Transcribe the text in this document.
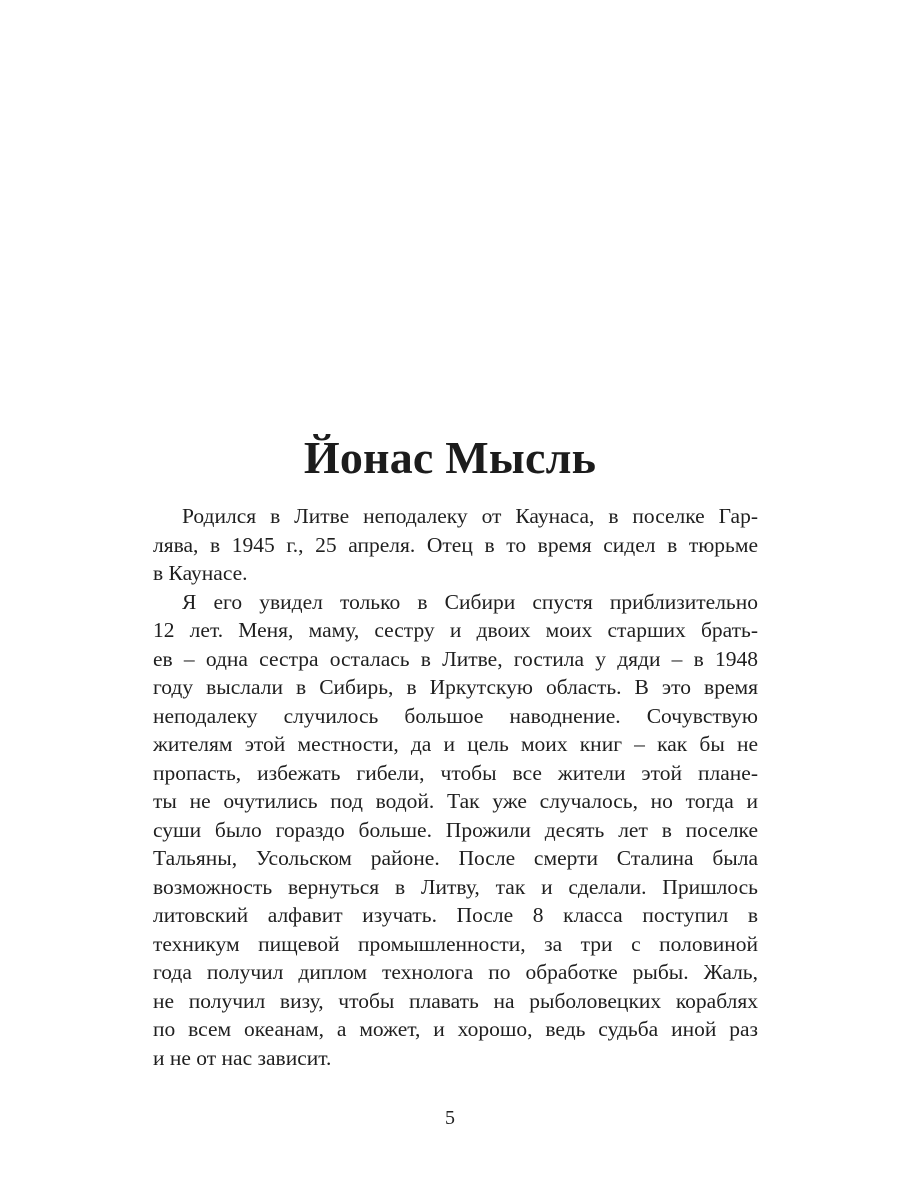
Йонас Мысль
Родился в Литве неподалеку от Каунаса, в поселке Гар-
лява, в 1945 г., 25 апреля. Отец в то время сидел в тюрьме
в Каунасе.
Я его увидел только в Сибири спустя приблизительно
12 лет. Меня, маму, сестру и двоих моих старших брать-
ев – одна сестра осталась в Литве, гостила у дяди – в 1948
году выслали в Сибирь, в Иркутскую область. В это время
неподалеку случилось большое наводнение. Сочувствую
жителям этой местности, да и цель моих книг – как бы не
пропасть, избежать гибели, чтобы все жители этой плане-
ты не очутились под водой. Так уже случалось, но тогда и
суши было гораздо больше. Прожили десять лет в поселке
Тальяны, Усольском районе. После смерти Сталина была
возможность вернуться в Литву, так и сделали. Пришлось
литовский алфавит изучать. После 8 класса поступил в
техникум пищевой промышленности, за три с половиной
года получил диплом технолога по обработке рыбы. Жаль,
не получил визу, чтобы плавать на рыболовецких кораблях
по всем океанам, а может, и хорошо, ведь судьба иной раз
и не от нас зависит.
5
